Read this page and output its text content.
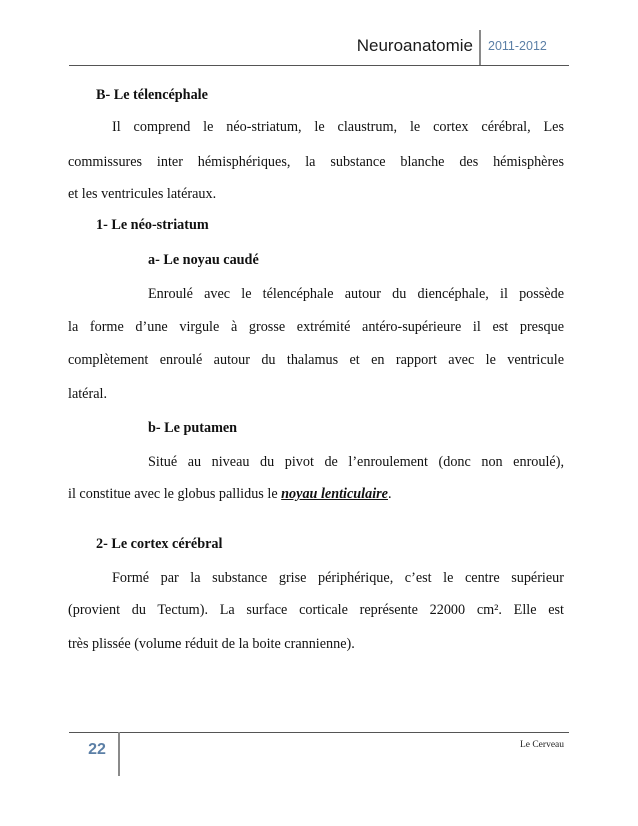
Neuroanatomie 2011-2012
B- Le télencéphale
Il comprend le néo-striatum, le claustrum, le cortex cérébral, Les
commissures inter hémisphériques, la substance blanche des hémisphères
et les ventricules latéraux.
1- Le néo-striatum
a- Le noyau caudé
Enroulé avec le télencéphale autour du diencéphale, il possède
la forme d’une virgule à grosse extrémité antéro-supérieure il est presque
complètement enroulé autour du thalamus et en rapport avec le ventricule
latéral.
b- Le putamen
Situé au niveau du pivot de l’enroulement (donc non enroulé),
il constitue avec le globus pallidus le noyau lenticulaire.
2- Le cortex cérébral
Formé par la substance grise périphérique, c’est le centre supérieur
(provient du Tectum). La surface corticale représente 22000 cm². Elle est
très plissée (volume réduit de la boite crannienne).
22	Le Cerveau
